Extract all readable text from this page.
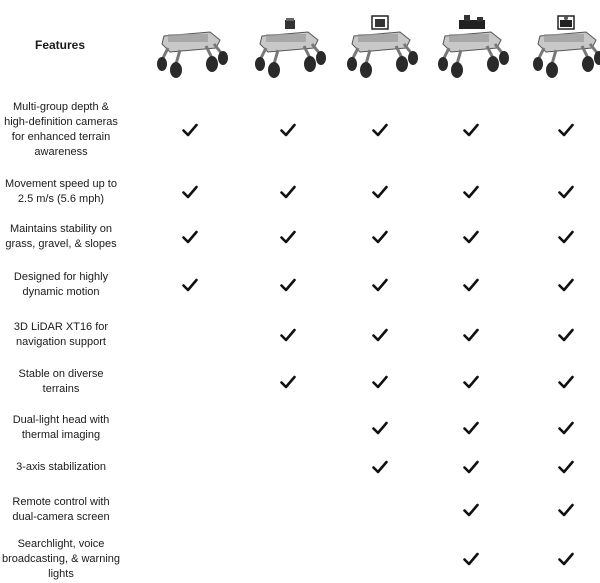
Features
Multi-group depth & high-definition cameras for enhanced terrain awareness
Movement speed up to 2.5 m/s (5.6 mph)
Maintains stability on grass, gravel, & slopes
Designed for highly dynamic motion
3D LiDAR XT16 for navigation support
Stable on diverse terrains
Dual-light head with thermal imaging
3-axis stabilization
Remote control with dual-camera screen
Searchlight, voice broadcasting, & warning lights
